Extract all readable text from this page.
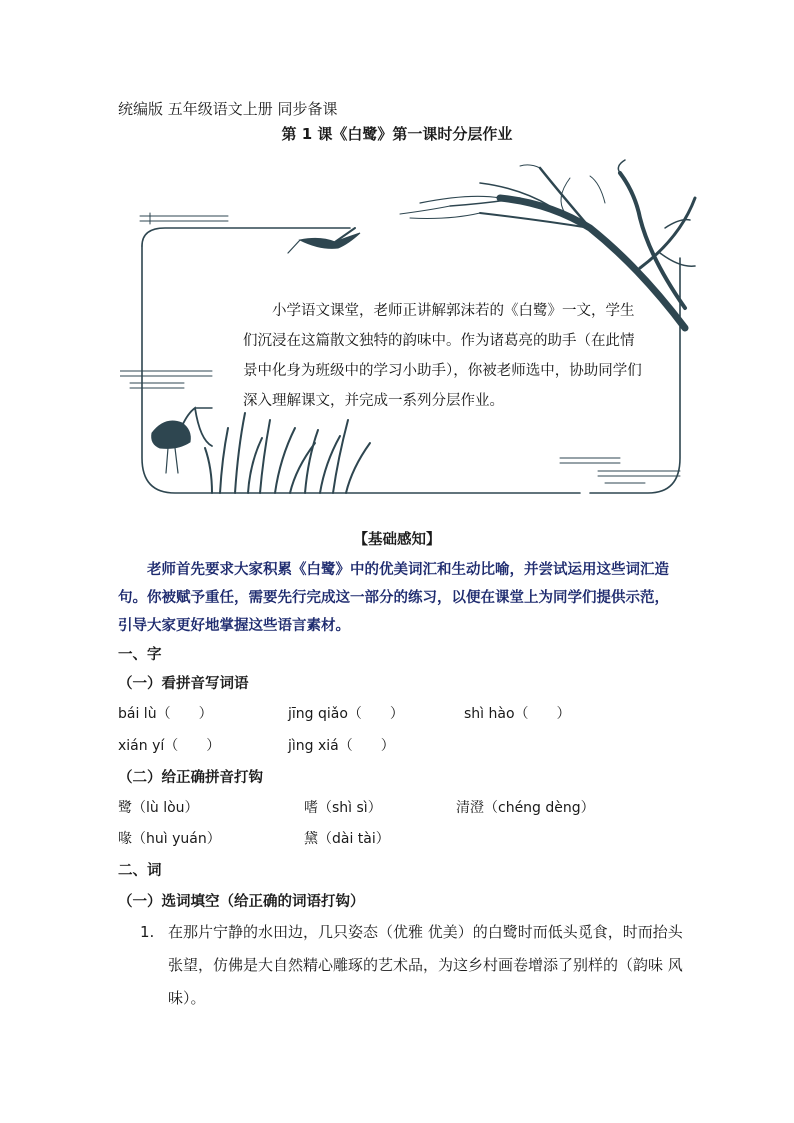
统编版 五年级语文上册 同步备课
第 1 课《白鹭》第一课时分层作业

小学语文课堂，老师正讲解郭沫若的《白鹭》一文，学生们沉浸在这篇散文独特的韵味中。作为诸葛亮的助手（在此情景中化身为班级中的学习小助手），你被老师选中，协助同学们深入理解课文，并完成一系列分层作业。

【基础感知】

老师首先要求大家积累《白鹭》中的优美词汇和生动比喻，并尝试运用这些词汇造句。你被赋予重任，需要先行完成这一部分的练习，以便在课堂上为同学们提供示范，引导大家更好地掌握这些语言素材。

一、字
（一）看拼音写词语
bái lù（　　）	jīng qiǎo（　　）	shì hào（　　）
xián yí（　　）	jìng xiá（　　）
（二）给正确拼音打钩
鹭（lù lòu）	嗜（shì sì）	清澄（chéng dèng）
喙（huì yuán）	黛（dài tài）
二、词
（一）选词填空（给正确的词语打钩）
1. 在那片宁静的水田边，几只姿态（优雅 优美）的白鹭时而低头觅食，时而抬头张望，仿佛是大自然精心雕琢的艺术品，为这乡村画卷增添了别样的（韵味 风味）。
